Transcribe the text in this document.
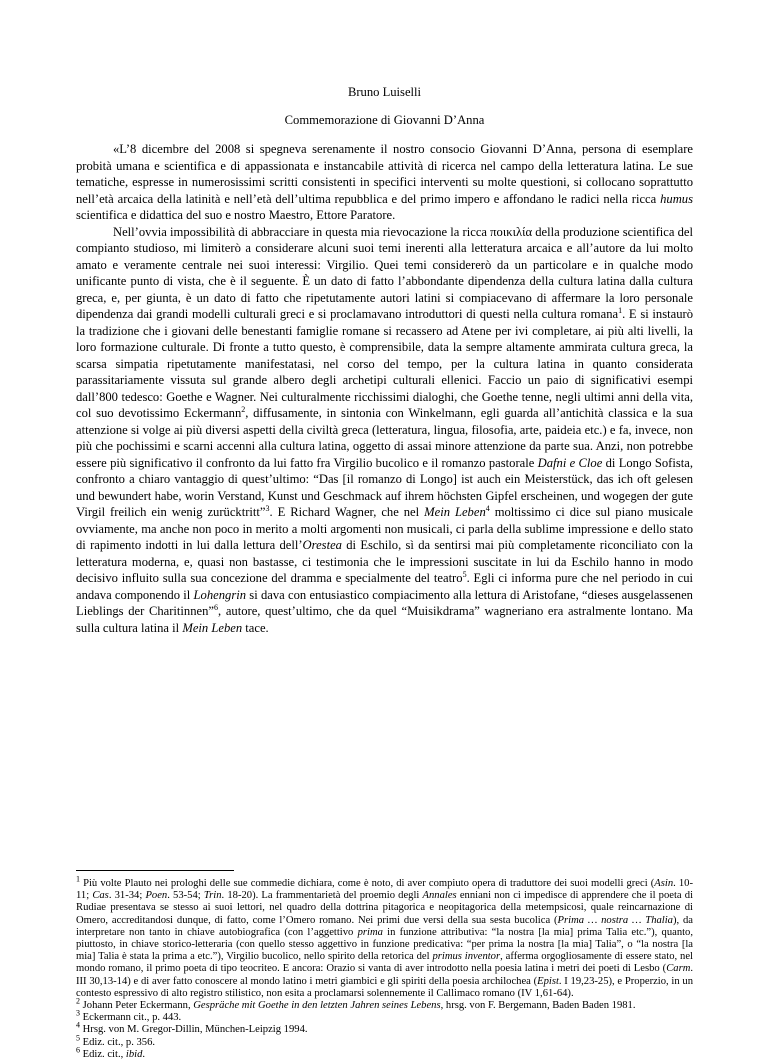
Bruno Luiselli
Commemorazione di Giovanni D’Anna

«L’8 dicembre del 2008 si spegneva serenamente il nostro consocio Giovanni D’Anna, persona di esemplare probità umana e scientifica e di appassionata e instancabile attività di ricerca nel campo della letteratura latina. Le sue tematiche, espresse in numerosissimi scritti consistenti in specifici interventi su molte questioni, si collocano soprattutto nell’età arcaica della latinità e nell’età dell’ultima repubblica e del primo impero e affondano le radici nella ricca humus scientifica e didattica del suo e nostro Maestro, Ettore Paratore.

Nell’ovvia impossibilità di abbracciare in questa mia rievocazione la ricca ποικιλία della produzione scientifica del compianto studioso, mi limiterò a considerare alcuni suoi temi inerenti alla letteratura arcaica e all’autore da lui molto amato e veramente centrale nei suoi interessi: Virgilio. Quei temi considererò da un particolare e in qualche modo unificante punto di vista, che è il seguente. È un dato di fatto l’abbondante dipendenza della cultura latina dalla cultura greca, e, per giunta, è un dato di fatto che ripetutamente autori latini si compiacevano di affermare la loro personale dipendenza dai grandi modelli culturali greci e si proclamavano introduttori di questi nella cultura romana$^1$. E si instaurò la tradizione che i giovani delle benestanti famiglie romane si recassero ad Atene per ivi completare, ai più alti livelli, la loro formazione culturale. Di fronte a tutto questo, è comprensibile, data la sempre altamente ammirata cultura greca, la scarsa simpatia ripetutamente manifestatasi, nel corso del tempo, per la cultura latina in quanto considerata parassitariamente vissuta sul grande albero degli archetipi culturali ellenici. Faccio un paio di significativi esempi dall’800 tedesco: Goethe e Wagner. Nei culturalmente ricchissimi dialoghi, che Goethe tenne, negli ultimi anni della vita, col suo devotissimo Eckermann$^2$, diffusamente, in sintonia con Winkelmann, egli guarda all’antichità classica e la sua attenzione si volge ai più diversi aspetti della civiltà greca (letteratura, lingua, filosofia, arte, paideia etc.) e fa, invece, non più che pochissimi e scarni accenni alla cultura latina, oggetto di assai minore attenzione da parte sua. Anzi, non potrebbe essere più significativo il confronto da lui fatto fra Virgilio bucolico e il romanzo pastorale Dafni e Cloe di Longo Sofista, confronto a chiaro vantaggio di quest’ultimo: “Das [il romanzo di Longo] ist auch ein Meisterstück, das ich oft gelesen und bewundert habe, worin Verstand, Kunst und Geschmack auf ihrem höchsten Gipfel erscheinen, und wogegen der gute Virgil freilich ein wenig zurücktritt”$^3$. E Richard Wagner, che nel Mein Leben$^4$ moltissimo ci dice sul piano musicale ovviamente, ma anche non poco in merito a molti argomenti non musicali, ci parla della sublime impressione e dello stato di rapimento indotti in lui dalla lettura dell’Orestea di Eschilo, sì da sentirsi mai più completamente riconciliato con la letteratura moderna, e, quasi non bastasse, ci testimonia che le impressioni suscitate in lui da Eschilo hanno in modo decisivo influito sulla sua concezione del dramma e specialmente del teatro$^5$. Egli ci informa pure che nel periodo in cui andava componendo il Lohengrin si dava con entusiastico compiacimento alla lettura di Aristofane, “dieses ausgelassenen Lieblings der Charitinnen”$^6$, autore, quest’ultimo, che da quel “Muisikdrama” wagneriano era astralmente lontano. Ma sulla cultura latina il Mein Leben tace.

$^1$ Più volte Plauto nei prologhi delle sue commedie dichiara, come è noto, di aver compiuto opera di traduttore dei suoi modelli greci (Asin. 10-11; Cas. 31-34; Poen. 53-54; Trin. 18-20). La frammentarietà del proemio degli Annales enniani non ci impedisce di apprendere che il poeta di Rudiae presentava se stesso ai suoi lettori, nel quadro della dottrina pitagorica e neopitagorica della metempsicosi, quale reincarnazione di Omero, accreditandosi dunque, di fatto, come l’Omero romano. Nei primi due versi della sua sesta bucolica (Prima … nostra … Thalia), da interpretare non tanto in chiave autobiografica (con l’aggettivo prima in funzione attributiva: “la nostra [la mia] prima Talia etc.”), quanto, piuttosto, in chiave storico-letteraria (con quello stesso aggettivo in funzione predicativa: “per prima la nostra [la mia] Talia”, o “la nostra [la mia] Talia è stata la prima a etc.”), Virgilio bucolico, nello spirito della retorica del primus inventor, afferma orgogliosamente di essere stato, nel mondo romano, il primo poeta di tipo teocriteo. E ancora: Orazio si vanta di aver introdotto nella poesia latina i metri dei poeti di Lesbo (Carm. III 30,13-14) e di aver fatto conoscere al mondo latino i metri giambici e gli spiriti della poesia archilochea (Epist. I 19,23-25), e Properzio, in un contesto espressivo di alto registro stilistico, non esita a proclamarsi solennemente il Callimaco romano (IV 1,61-64).

$^2$ Johann Peter Eckermann, Gespräche mit Goethe in den letzten Jahren seines Lebens, hrsg. von F. Bergemann, Baden Baden 1981.

$^3$ Eckermann cit., p. 443.

$^4$ Hrsg. von M. Gregor-Dillin, München-Leipzig 1994.

$^5$ Ediz. cit., p. 356.

$^6$ Ediz. cit., ibid.
